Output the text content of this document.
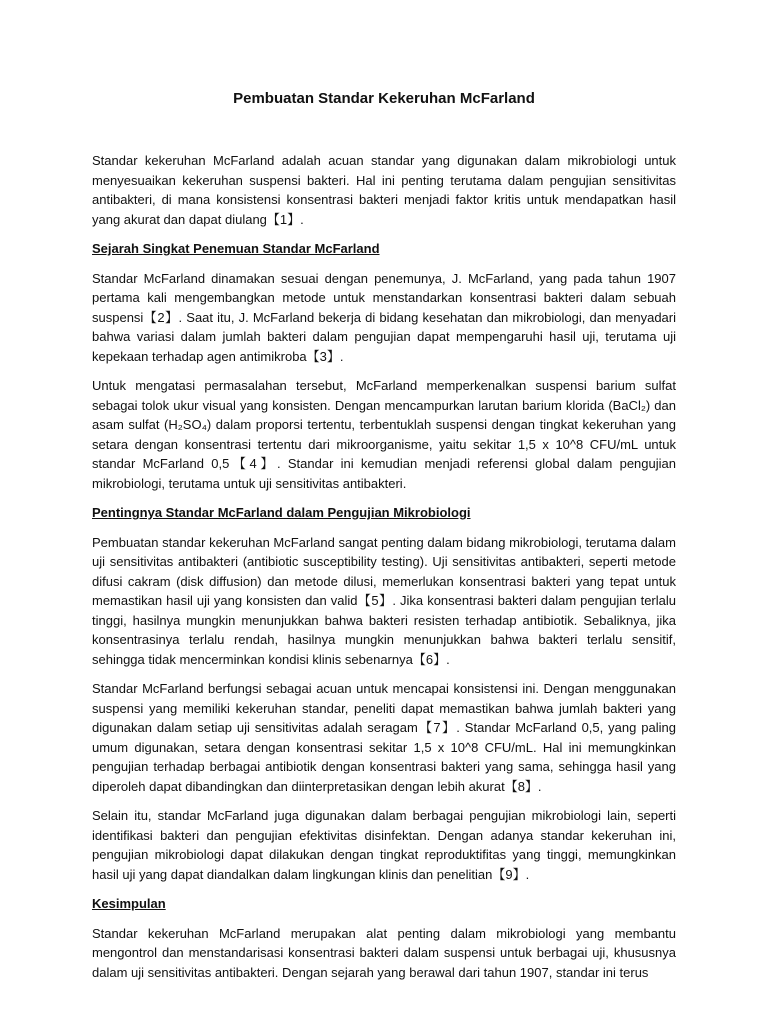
Pembuatan Standar Kekeruhan McFarland

Standar kekeruhan McFarland adalah acuan standar yang digunakan dalam mikrobiologi untuk menyesuaikan kekeruhan suspensi bakteri. Hal ini penting terutama dalam pengujian sensitivitas antibakteri, di mana konsistensi konsentrasi bakteri menjadi faktor kritis untuk mendapatkan hasil yang akurat dan dapat diulang【1】.

Sejarah Singkat Penemuan Standar McFarland

Standar McFarland dinamakan sesuai dengan penemunya, J. McFarland, yang pada tahun 1907 pertama kali mengembangkan metode untuk menstandarkan konsentrasi bakteri dalam sebuah suspensi【2】. Saat itu, J. McFarland bekerja di bidang kesehatan dan mikrobiologi, dan menyadari bahwa variasi dalam jumlah bakteri dalam pengujian dapat mempengaruhi hasil uji, terutama uji kepekaan terhadap agen antimikroba【3】.

Untuk mengatasi permasalahan tersebut, McFarland memperkenalkan suspensi barium sulfat sebagai tolok ukur visual yang konsisten. Dengan mencampurkan larutan barium klorida (BaCl₂) dan asam sulfat (H₂SO₄) dalam proporsi tertentu, terbentuklah suspensi dengan tingkat kekeruhan yang setara dengan konsentrasi tertentu dari mikroorganisme, yaitu sekitar 1,5 x 10^8 CFU/mL untuk standar McFarland 0,5【4】. Standar ini kemudian menjadi referensi global dalam pengujian mikrobiologi, terutama untuk uji sensitivitas antibakteri.

Pentingnya Standar McFarland dalam Pengujian Mikrobiologi

Pembuatan standar kekeruhan McFarland sangat penting dalam bidang mikrobiologi, terutama dalam uji sensitivitas antibakteri (antibiotic susceptibility testing). Uji sensitivitas antibakteri, seperti metode difusi cakram (disk diffusion) dan metode dilusi, memerlukan konsentrasi bakteri yang tepat untuk memastikan hasil uji yang konsisten dan valid【5】. Jika konsentrasi bakteri dalam pengujian terlalu tinggi, hasilnya mungkin menunjukkan bahwa bakteri resisten terhadap antibiotik. Sebaliknya, jika konsentrasinya terlalu rendah, hasilnya mungkin menunjukkan bahwa bakteri terlalu sensitif, sehingga tidak mencerminkan kondisi klinis sebenarnya【6】.

Standar McFarland berfungsi sebagai acuan untuk mencapai konsistensi ini. Dengan menggunakan suspensi yang memiliki kekeruhan standar, peneliti dapat memastikan bahwa jumlah bakteri yang digunakan dalam setiap uji sensitivitas adalah seragam【7】. Standar McFarland 0,5, yang paling umum digunakan, setara dengan konsentrasi sekitar 1,5 x 10^8 CFU/mL. Hal ini memungkinkan pengujian terhadap berbagai antibiotik dengan konsentrasi bakteri yang sama, sehingga hasil yang diperoleh dapat dibandingkan dan diinterpretasikan dengan lebih akurat【8】.

Selain itu, standar McFarland juga digunakan dalam berbagai pengujian mikrobiologi lain, seperti identifikasi bakteri dan pengujian efektivitas disinfektan. Dengan adanya standar kekeruhan ini, pengujian mikrobiologi dapat dilakukan dengan tingkat reproduktifitas yang tinggi, memungkinkan hasil uji yang dapat diandalkan dalam lingkungan klinis dan penelitian【9】.

Kesimpulan

Standar kekeruhan McFarland merupakan alat penting dalam mikrobiologi yang membantu mengontrol dan menstandarisasi konsentrasi bakteri dalam suspensi untuk berbagai uji, khususnya dalam uji sensitivitas antibakteri. Dengan sejarah yang berawal dari tahun 1907, standar ini terus
